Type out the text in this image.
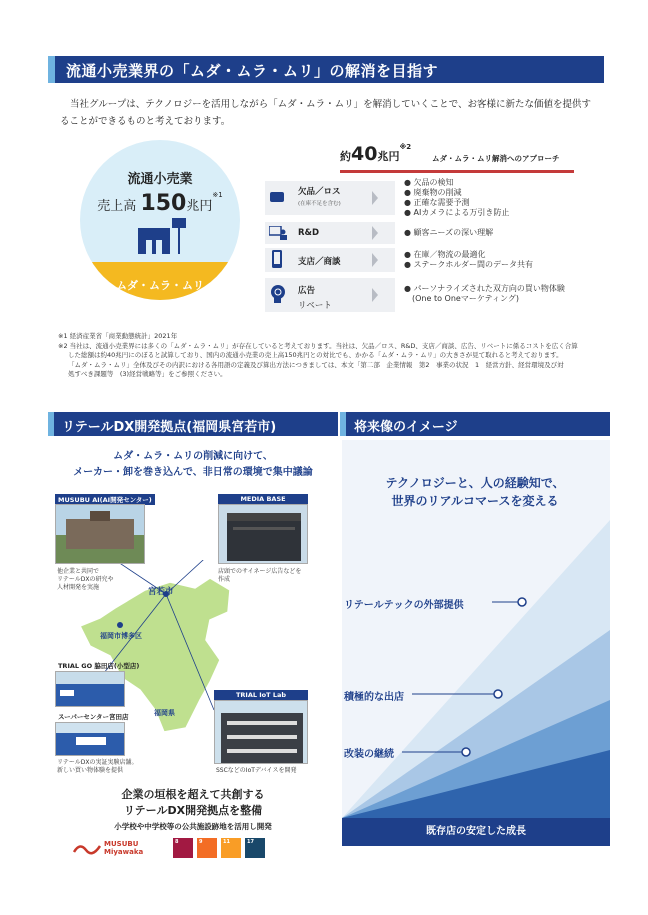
流通小売業界の「ムダ・ムラ・ムリ」の解消を目指す

当社グループは、テクノロジーを活用しながら「ムダ・ムラ・ムリ」を解消していくことで、お客様に新たな価値を提供することができるものと考えております。

流通小売業
売上高 150兆円$^{※1}$
ムダ・ムラ・ムリ
約40兆円$^{※2}$
ムダ・ムラ・ムリ解消へのアプローチ
欠品／ロス
(在庫不足を含む)
● 欠品の検知
● 廃棄物の削減
● 正確な需要予測
● AIカメラによる万引き防止
R&D	● 顧客ニーズの深い理解
支店／商談
● 在庫／物流の最適化
● ステークホルダー間のデータ共有
広告
リベート
● パーソナライズされた双方向の買い物体験
(One to Oneマーケティング)
※1 経済産業省「商業動態統計」2021年
※2 当社は、流通小売業界には多くの「ムダ・ムラ・ムリ」が存在していると考えております。当社は、欠品／ロス、R&D、支店／商談、広告、リベートに係るコストを広く合算
した総額は約40兆円にのぼると試算しており、国内の流通小売業の売上高150兆円との対比でも、かかる「ムダ・ムラ・ムリ」の大きさが見て取れると考えております。
「ムダ・ムラ・ムリ」全体及びその内訳における各用語の定義及び算出方法につきましては、本文「第二部　企業情報　第2　事業の状況　1　経営方針、経営環境及び対
処すべき課題等　(3)経営戦略等」をご参照ください。
リテールDX開発拠点(福岡県宮若市)
ムダ・ムラ・ムリの削減に向けて、
メーカー・卸を巻き込んで、非日常の環境で集中議論
宮若市
福岡市博多区
福岡県
MUSUBU AI(AI開発センター)
他企業と共同で
リテールDXの研究や
人材開発を実施
MEDIA BASE
店頭でのサイネージ広告などを
作成
TRIAL GO 脇田店(小型店)
スーパーセンター宮田店
リテールDXの実証実験店舗。
新しい買い物体験を提供
TRIAL IoT Lab
SSCなどのIoTデバイスを開発
企業の垣根を超えて共創する
リテールDX開発拠点を整備
小学校や中学校等の公共施設跡地を活用し開発
MUSUBU
Miyawaka
8	9	11	17
将来像のイメージ
テクノロジーと、人の経験知で、
世界のリアルコマースを変える
リテールテックの外部提供
積極的な出店
改装の継続
既存店の安定した成長
